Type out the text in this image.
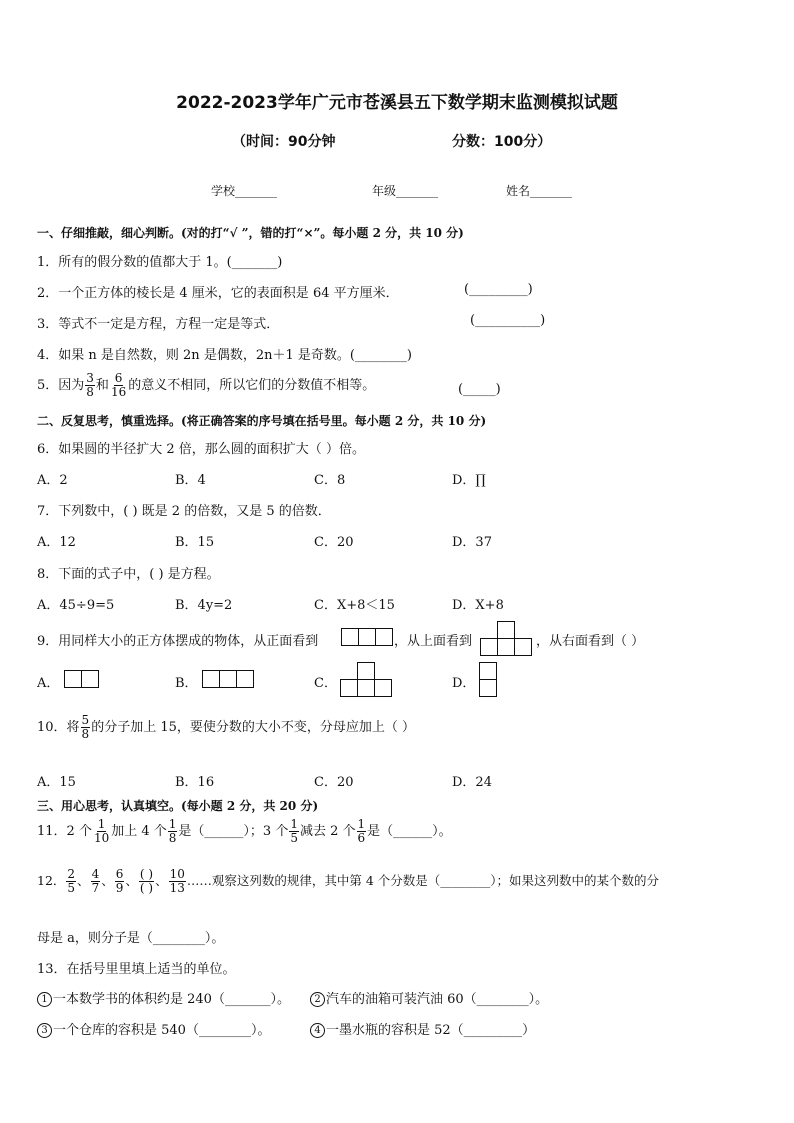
2022-2023学年广元市苍溪县五下数学期末监测模拟试题
（时间：90分钟	分数：100分）
学校_______	年级_______	姓名_______
一、仔细推敲，细心判断。(对的打“√ ”，错的打“×”。每小题 2 分，共 10 分)
1．所有的假分数的值都大于 1。(_______)
2．一个正方体的棱长是 4 厘米，它的表面积是 64 平方厘米．	(_________)
3．等式不一定是方程，方程一定是等式．	(__________)
4．如果 n 是自然数，则 2n 是偶数，2n＋1 是奇数。(________)
5．因为 $\frac{3}{8}$ 和 $\frac{6}{16}$ 的意义不相同，所以它们的分数值不相等。	(_____)
二、反复思考，慎重选择。(将正确答案的序号填在括号里。每小题 2 分，共 10 分)
6．如果圆的半径扩大 2 倍，那么圆的面积扩大（ ）倍。
A．2	B．4	C．8	D．∏
7．下列数中，( ) 既是 2 的倍数，又是 5 的倍数．
A．12	B．15	C．20	D．37
8．下面的式子中，( ) 是方程。
A．45÷9=5	B．4y=2	C．X+8＜15	D．X+8
9．用同样大小的正方体摆成的物体，从正面看到	，从上面看到	，从右面看到（ ）
A．	B．	C．	D．
10．将 $\frac{5}{8}$ 的分子加上 15，要使分数的大小不变，分母应加上（ ）
A．15	B．16	C．20	D．24
三、用心思考，认真填空。(每小题 2 分，共 20 分)
11．2 个 $\frac{1}{10}$ 加上 4 个 $\frac{1}{8}$ 是（______）；3 个 $\frac{1}{5}$ 减去 2 个 $\frac{1}{6}$ 是（______）。
12． $\frac{2}{5}$ 、 $\frac{4}{7}$ 、 $\frac{6}{9}$ 、 $\frac{( )}{( )}$ 、 $\frac{10}{13}$ ……观察这列数的规律，其中第 4 个分数是（________）；如果这列数中的某个数的分
母是 a，则分子是（________）。
13．在括号里里填上适当的单位。
1 一本数学书的体积约是 240（_______）。	2 汽车的油箱可装汽油 60（________）。
3 一个仓库的容积是 540（________）。	4 一墨水瓶的容积是 52（_________）
